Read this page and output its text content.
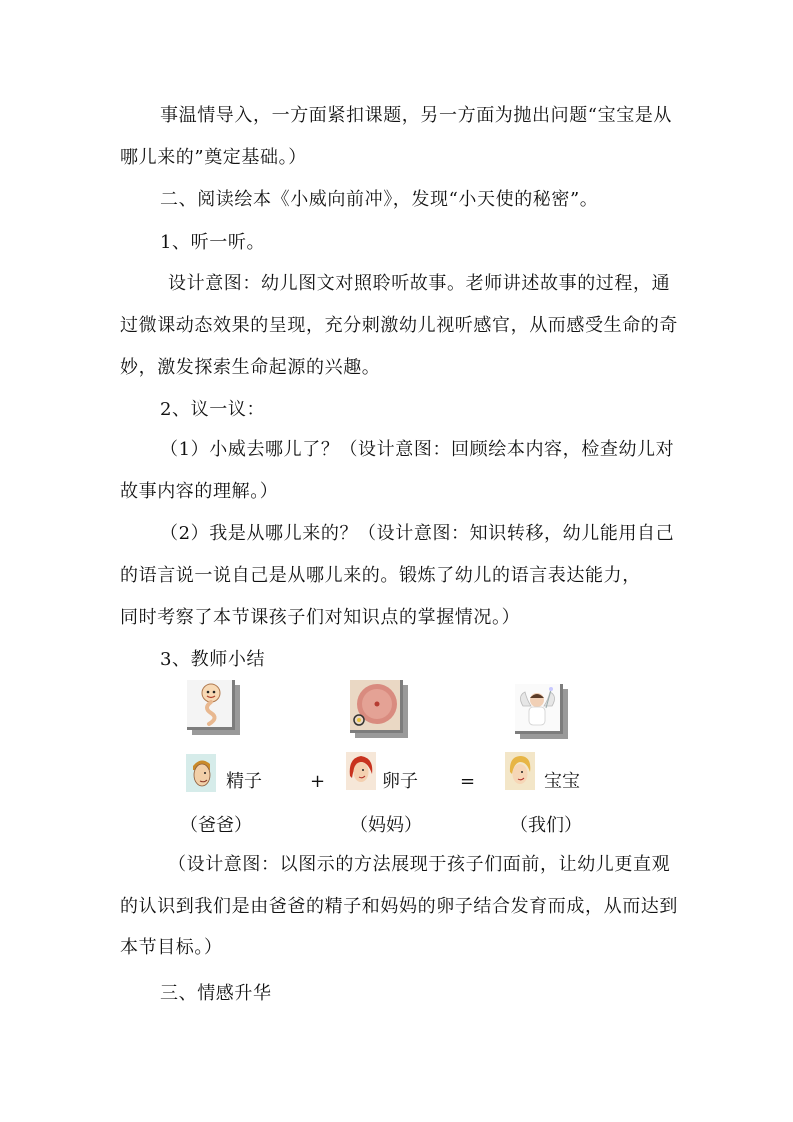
事温情导入，一方面紧扣课题，另一方面为抛出问题“宝宝是从
哪儿来的”奠定基础。）
二、阅读绘本《小威向前冲》，发现“小天使的秘密”。
1、听一听。
设计意图：幼儿图文对照聆听故事。老师讲述故事的过程，通
过微课动态效果的呈现，充分刺激幼儿视听感官，从而感受生命的奇
妙，激发探索生命起源的兴趣。
2、议一议：
（1）小威去哪儿了？（设计意图：回顾绘本内容，检查幼儿对
故事内容的理解。）
（2）我是从哪儿来的？（设计意图：知识转移，幼儿能用自己
的语言说一说自己是从哪儿来的。锻炼了幼儿的语言表达能力，
同时考察了本节课孩子们对知识点的掌握情况。）
3、教师小结
精子	+	卵子 =	宝宝
（爸爸）	（妈妈）	（我们）
（设计意图：以图示的方法展现于孩子们面前，让幼儿更直观
的认识到我们是由爸爸的精子和妈妈的卵子结合发育而成，从而达到
本节目标。）
三、情感升华
